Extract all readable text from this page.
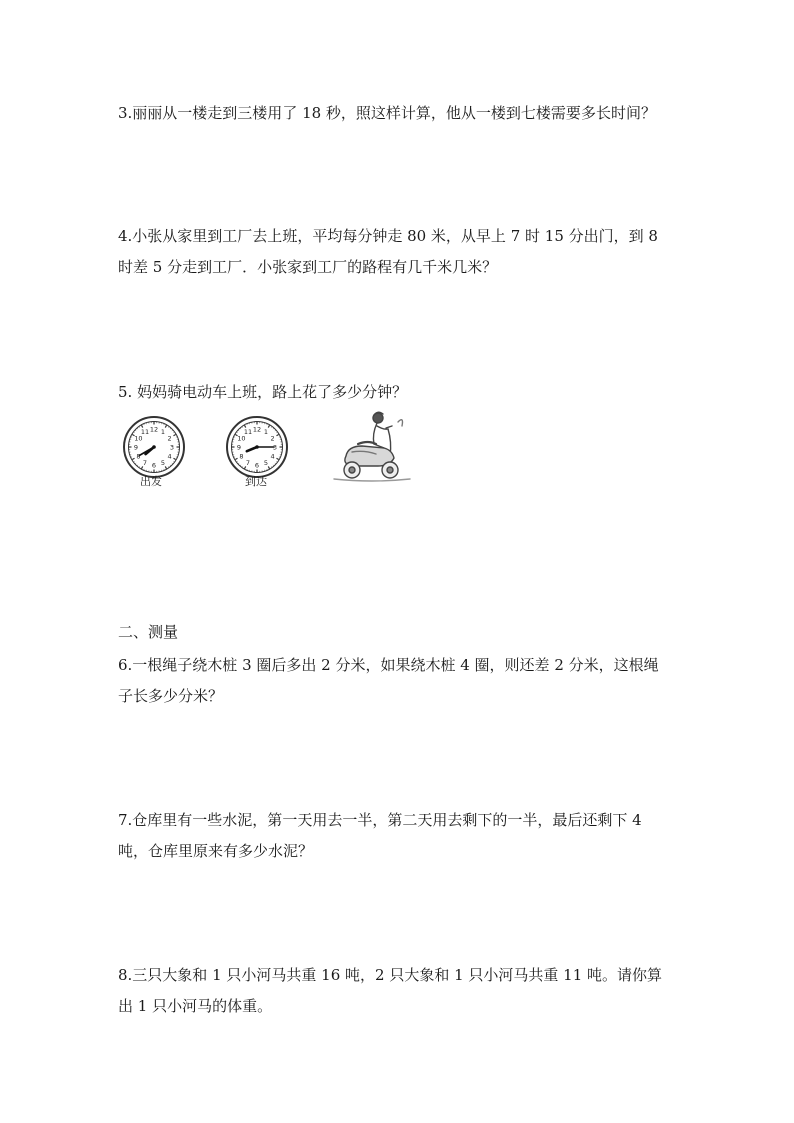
3.丽丽从一楼走到三楼用了 18 秒，照这样计算，他从一楼到七楼需要多长时间？

4.小张从家里到工厂去上班，平均每分钟走 80 米，从早上 7 时 15 分出门，到 8

时差 5 分走到工厂．小张家到工厂的路程有几千米几米？

5. 妈妈骑电动车上班，路上花了多少分钟？

12 1
2
3
4
5
6
7
8
9
10
11
出发
12 1
2
3
4
5
6
7
8
9
10
11
到达

二、测量

6.一根绳子绕木桩 3 圈后多出 2 分米，如果绕木桩 4 圈，则还差 2 分米，这根绳

子长多少分米？

7.仓库里有一些水泥，第一天用去一半，第二天用去剩下的一半，最后还剩下 4

吨，仓库里原来有多少水泥？

8.三只大象和 1 只小河马共重 16 吨，2 只大象和 1 只小河马共重 11 吨。请你算

出 1 只小河马的体重。
